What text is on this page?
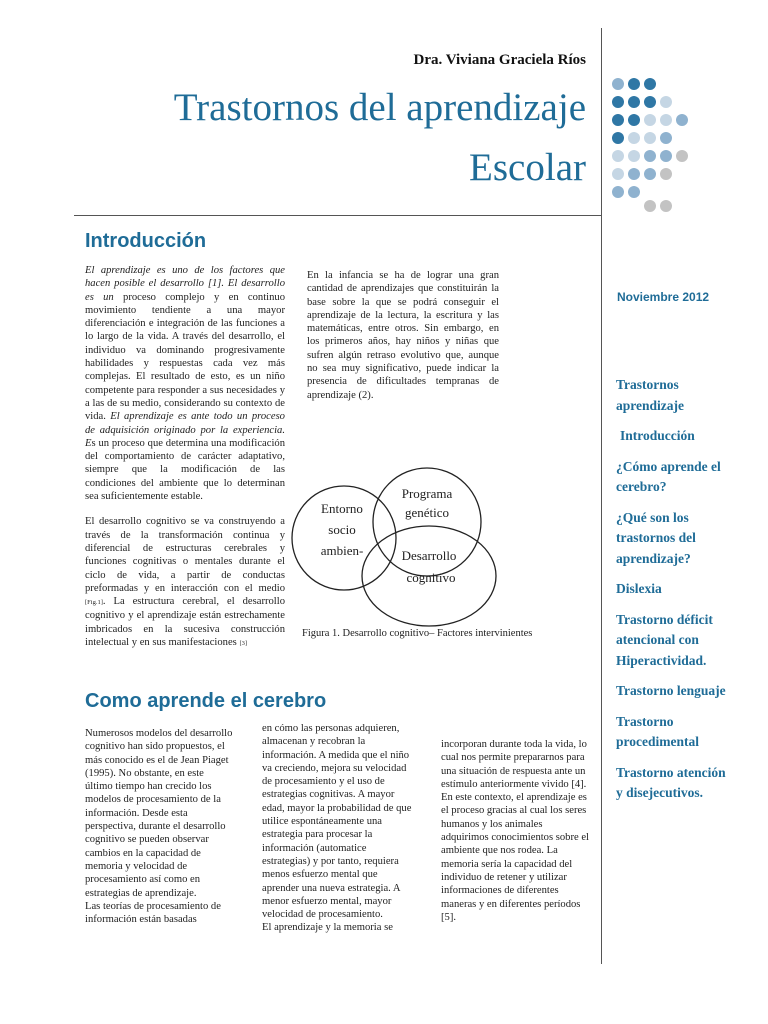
Dra. Viviana Graciela Ríos
Trastornos del aprendizaje
Escolar
Introducción

El aprendizaje es uno de los factores que hacen posible el desarrollo [1]. El desarrollo es un proceso complejo y en continuo movimiento tendiente a una mayor diferenciación e integración de las funciones a lo largo de la vida. A través del desarrollo, el individuo va dominando progresivamente habilidades y respuestas cada vez más complejas. El resultado de esto, es un niño competente para responder a sus necesidades y a las de su medio, considerando su contexto de vida. El aprendizaje es ante todo un proceso de adquisición originado por la experiencia. Es un proceso que determina una modificación del comportamiento de carácter adaptativo, siempre que la modificación de las condiciones del ambiente que lo determinan sea suficientemente estable.

El desarrollo cognitivo se va construyendo a través de la transformación continua y diferencial de estructuras cerebrales y funciones cognitivas o mentales durante el ciclo de vida, a partir de conductas preformadas y en interacción con el medio [Fig.1]. La estructura cerebral, el desarrollo cognitivo y el aprendizaje están estrechamente imbricados en la sucesiva construcción intelectual y en sus manifestaciones [3]

En la infancia se ha de lograr una gran cantidad de aprendizajes que constituirán la base sobre la que se podrá conseguir el aprendizaje de la lectura, la escritura y las matemáticas, entre otros. Sin embargo, en los primeros años, hay niños y niñas que sufren algún retraso evolutivo que, aunque no sea muy significativo, puede indicar la presencia de dificultades tempranas de aprendizaje (2).

Entorno
socio
ambien-
Programa
genético
Desarrollo
cognitivo
Figura 1. Desarrollo cognitivo– Factores intervinientes
Como aprende el cerebro

Numerosos modelos del desarrollo cognitivo han sido propuestos, el más conocido es el de Jean Piaget (1995). No obstante, en este último tiempo han crecido los modelos de procesamiento de la información. Desde esta perspectiva, durante el desarrollo cognitivo se pueden observar cambios en la capacidad de memoria y velocidad de procesamiento así como en estrategias de aprendizaje.

Las teorías de procesamiento de información están basadas

en cómo las personas adquieren, almacenan y recobran la información. A medida que el niño va creciendo, mejora su velocidad de procesamiento y el uso de estrategias cognitivas. A mayor edad, mayor la probabilidad de que utilice espontáneamente una estrategia para procesar la información (automatice estrategias) y por tanto, requiera menos esfuerzo mental que aprender una nueva estrategia. A menor esfuerzo mental, mayor velocidad de procesamiento.

El aprendizaje y la memoria se

incorporan durante toda la vida, lo cual nos permite prepararnos para una situación de respuesta ante un estímulo anteriormente vivido [4]. En este contexto, el aprendizaje es el proceso gracias al cual los seres humanos y los animales adquirimos conocimientos sobre el ambiente que nos rodea. La memoria sería la capacidad del individuo de retener y utilizar informaciones de diferentes maneras y en diferentes períodos [5].

Noviembre 2012
Trastornos aprendizaje
Introducción
¿Cómo aprende el cerebro?
¿Qué son los trastornos del aprendizaje?
Dislexia
Trastorno déficit atencional con Hiperactividad.
Trastorno lenguaje
Trastorno procedimental
Trastorno atención y disejecutivos.
